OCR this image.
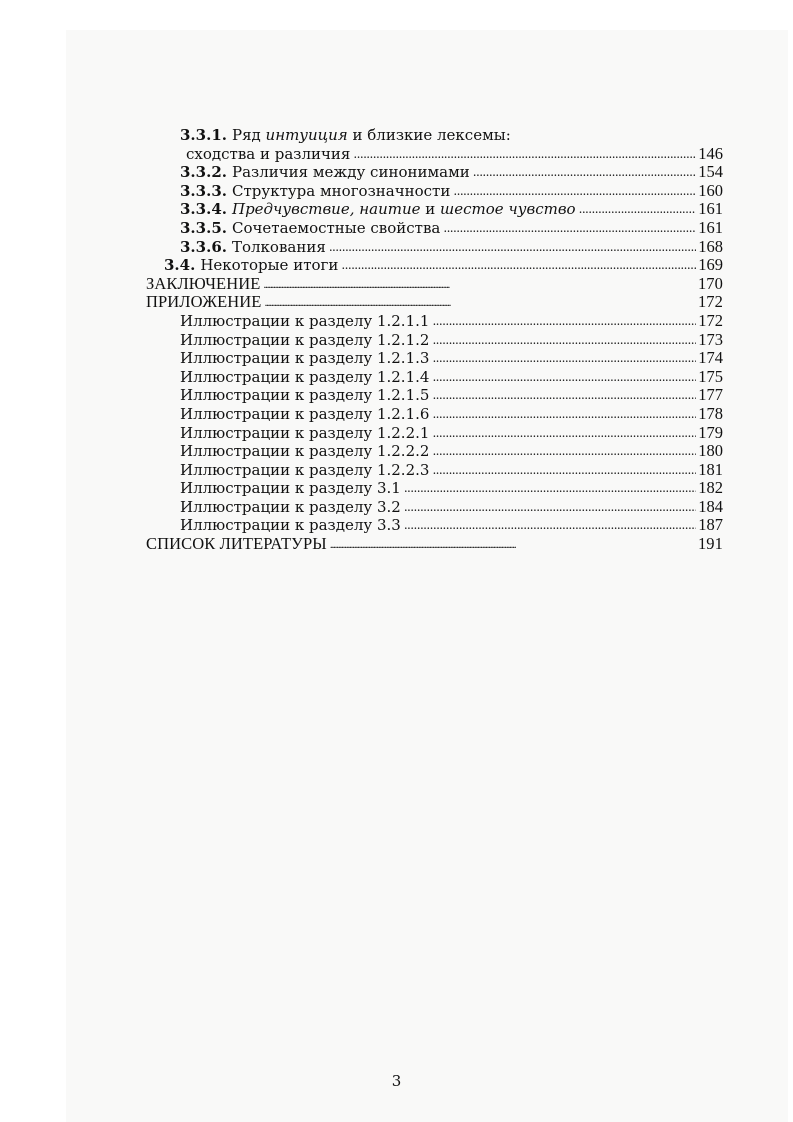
3.3.1. Ряд интуиция и близкие лексемы:
сходства и различия . . .	146
3.3.2. Различия между синонимами . . .	154
3.3.3. Структура многозначности . . .	160
3.3.4. Предчувствие, наитие и шестое чувство . . .	161
3.3.5. Сочетаемостные свойства . . .	161
3.3.6. Толкования . . .	168
3.4. Некоторые итоги . . .	169
ЗАКЛЮЧЕНИЕ . . .	170
ПРИЛОЖЕНИЕ . . .	172
Иллюстрации к разделу 1.2.1.1 . . .	172
Иллюстрации к разделу 1.2.1.2 . . .	173
Иллюстрации к разделу 1.2.1.3 . . .	174
Иллюстрации к разделу 1.2.1.4 . . .	175
Иллюстрации к разделу 1.2.1.5 . . .	177
Иллюстрации к разделу 1.2.1.6 . . .	178
Иллюстрации к разделу 1.2.2.1 . . .	179
Иллюстрации к разделу 1.2.2.2 . . .	180
Иллюстрации к разделу 1.2.2.3 . . .	181
Иллюстрации к разделу 3.1 . . .	182
Иллюстрации к разделу 3.2 . . .	184
Иллюстрации к разделу 3.3 . . .	187
СПИСОК ЛИТЕРАТУРЫ . . .	191
3
